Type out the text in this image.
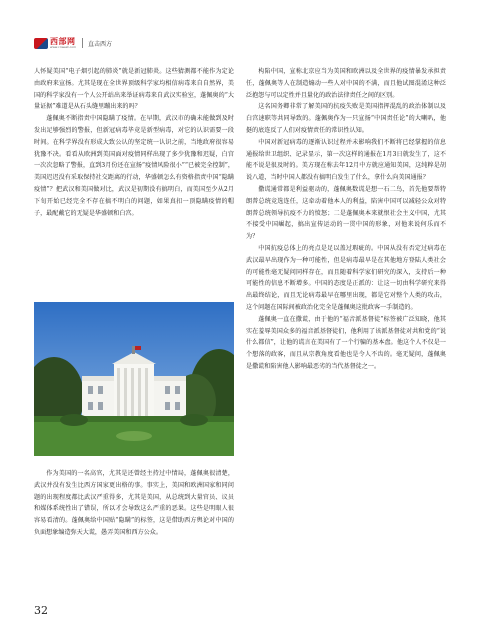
西部网
www.cnwest.com 直击西方

人怀疑美国“电子烟引起的肺炎”就是新冠肺炎。这些猜测都不能作为定论由政府来宣扬。尤其是现在全世界顶级科学家均相信病毒来自自然界，美国的科学家没有一个人公开站出来举证病毒来自武汉实验室，蓬佩奥的“大量证据”难道是从石头缝里蹦出来的吗？

蓬佩奥不断指责中国隐瞒了疫情。在早期，武汉市的确未能做到及时发出足够强烈的警报，但新冠病毒毕竟是新型病毒，对它的认识需要一段时间。在科学界没有形成大致公认的坚定统一认识之前，当地政府很容易犹豫不决。看看从欧洲到美国面对疫情同样出现了多少犹豫和迟疑，白宫一次次忽略了警报，直到3月份还在宣扬“疫情风险很小”“已被完全控制”，美国迟迟没有采取保持社交距离的行动，华盛顿怎么有资格指责中国“隐瞒疫情”？把武汉和美国做对比，武汉是初期没有搞明白，而美国至少从2月下旬开始已经完全不存在搞不明白的问题，如果真扣一顶隐瞒疫情的帽子，最配戴它的无疑是华盛顿和白宫。

作为美国的一名高官，尤其是还曾经主持过中情局，蓬佩奥很清楚，武汉并没有发生比西方国家更出格的事。事实上，美国和欧洲国家和同问题的出现程度都比武汉严重得多，尤其是美国，从总统到大量官员、议员和媒体系统性出了错误，所以才会导致这么严重的恶果。这些是明眼人很容易看清的。蓬佩奥给中国贴“隐瞒”的标签，这是借助西方舆论对中国的负面想象编造弥天大谎，愚弄美国和西方公众。

构陷中国，宣称北京应当为美国和欧洲以及全世界的疫情暴发承担责任，蓬佩奥等人在制造煽动一些人对中国的不满，而且他试图混淆这种泛泛抱怨与可以定性并且量化的政治法律责任之间的区别。

这名国务卿非常了解美国的抗疫失败是美国指挥混乱的政治体制以及白宫速职等共同导致的。蓬佩奥作为一只宣扬“中国责任论”的大喇叭，他挺的底连反了人们对疫情责任的常识性认知。

中国对新冠病毒的逐渐认识过程并未影响我们不断将已经掌握的信息通报给世卫组织、记录显示，第一次这样的通报在1月3日就发生了，这不能不说是很及时的。美方现在称去年12月中方就应通知美国，这纯粹是胡说八道，当时中国人都没有搞明白发生了什么，拿什么向美国通报？

撒谎通常都是利益驱动的，蓬佩奥数谎是想一石二鸟，首先他要帮特朗普总统竞选连任，这牵动着他本人的利益，陷害中国可以减轻公众对特朗普总统领导抗疫不力的愤怒；二是蓬佩奥本来就恨社会主义中国，尤其不接受中国崛起，搞出宣传运动的一贯中国的形象，对他来说何乐而不为？

中国抗疫总体上的亮点是足以盖过瑕疵的。中国从没有否定过病毒在武汉最早出现作为一种可能性，但是病毒最早是在其他地方登陆人类社会的可能性毫无疑问同样存在，而且随着科学家们研究的深入，支持后一种可能性的信息不断增多。中国的态度是正派的：让这一切由科学研究来得出最终结论，而且无论病毒最早在哪里出现，都是它对整个人类的攻击，这个问题在国际间被政治化完全是蓬佩奥这批政客一手制造的。

蓬佩奥一直在撒谎，由于他的“福音派基督徒”标签被广泛知晓，他其实在羞辱美国众多的福音派基督徒们，他利用了该派基督徒对共和党的“说什么都信”，让他的谎言在美国有了一个行骗的基本盘。他这个人不仅是一个想落的政客，而且从宗教角度看他也是令人不齿的。毫无疑问，蓬佩奥是撒谎和陷害他人影响最恶劣的当代基督徒之一。

32
